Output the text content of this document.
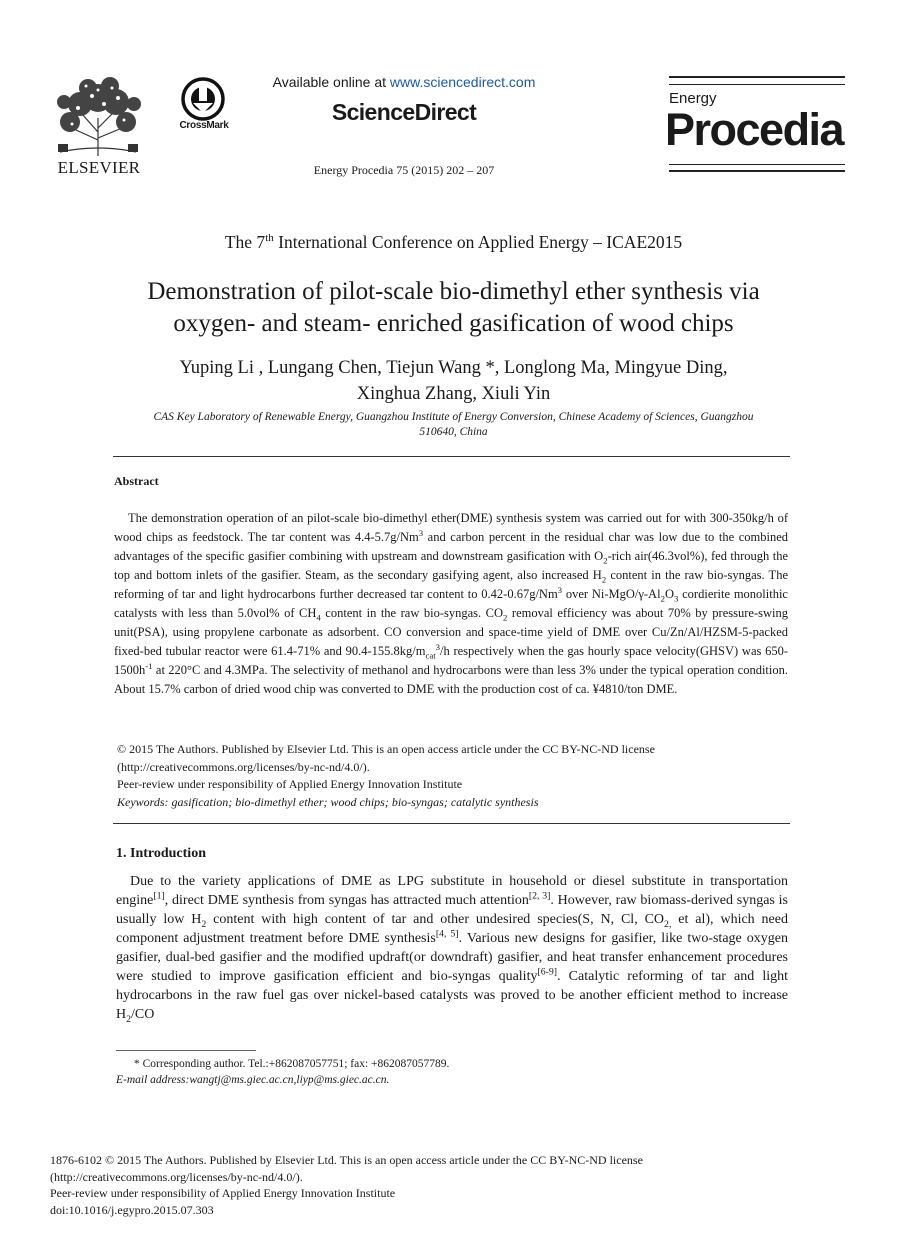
ELSEVIER
CrossMark
Available online at www.sciencedirect.com
ScienceDirect
Energy Procedia 75 (2015) 202 – 207
Energy
Procedia
The 7th International Conference on Applied Energy – ICAE2015
Demonstration of pilot-scale bio-dimethyl ether synthesis via
oxygen- and steam- enriched gasification of wood chips
Yuping Li , Lungang Chen, Tiejun Wang *, Longlong Ma, Mingyue Ding,
Xinghua Zhang, Xiuli Yin
CAS Key Laboratory of Renewable Energy, Guangzhou Institute of Energy Conversion, Chinese Academy of Sciences, Guangzhou
510640, China
Abstract
The demonstration operation of an pilot-scale bio-dimethyl ether(DME) synthesis system was carried out for with 300-350kg/h of wood chips as feedstock. The tar content was 4.4-5.7g/Nm$^3$ and carbon percent in the residual char was low due to the combined advantages of the specific gasifier combining with upstream and downstream gasification with $O_2$-rich air(46.3vol%), fed through the top and bottom inlets of the gasifier. Steam, as the secondary gasifying agent, also increased $H_2$ content in the raw bio-syngas. The reforming of tar and light hydrocarbons further decreased tar content to 0.42-0.67g/Nm$^3$ over $Ni-MgO/\gamma-Al_2O_3$ cordierite monolithic catalysts with less than 5.0vol% of $CH_4$ content in the raw bio-syngas. $CO_2$ removal efficiency was about 70% by pressure-swing unit(PSA), using propylene carbonate as adsorbent. CO conversion and space-time yield of DME over Cu/Zn/Al/HZSM-5-packed fixed-bed tubular reactor were 61.4-71% and $90.4-155.8kg/m_{cat}^3/h$ respectively when the gas hourly space velocity(GHSV) was $650-1500h^{-1}$ at 220°C and 4.3MPa. The selectivity of methanol and hydrocarbons were than less 3% under the typical operation condition. About 15.7% carbon of dried wood chip was converted to DME with the production cost of ca. ¥4810/ton DME.
© 2015 The Authors. Published by Elsevier Ltd. This is an open access article under the CC BY-NC-ND license
(http://creativecommons.org/licenses/by-nc-nd/4.0/).
Peer-review under responsibility of Applied Energy Innovation Institute
Keywords: gasification; bio-dimethyl ether; wood chips; bio-syngas; catalytic synthesis
1. Introduction
Due to the variety applications of DME as LPG substitute in household or diesel substitute in transportation engine[1], direct DME synthesis from syngas has attracted much attention[2, 3]. However, raw biomass-derived syngas is usually low $H_2$ content with high content of tar and other undesired species(S, N, Cl, $CO_{2,}$ et al), which need component adjustment treatment before DME synthesis[4, 5]. Various new designs for gasifier, like two-stage oxygen gasifier, dual-bed gasifier and the modified updraft(or downdraft) gasifier, and heat transfer enhancement procedures were studied to improve gasification efficient and bio-syngas quality[6-9]. Catalytic reforming of tar and light hydrocarbons in the raw fuel gas over nickel-based catalysts was proved to be another efficient method to increase $H_2/CO$
* Corresponding author. Tel.:+862087057751; fax: +862087057789.
E-mail address:wangtj@ms.giec.ac.cn,liyp@ms.giec.ac.cn.
1876-6102 © 2015 The Authors. Published by Elsevier Ltd. This is an open access article under the CC BY-NC-ND license
(http://creativecommons.org/licenses/by-nc-nd/4.0/).
Peer-review under responsibility of Applied Energy Innovation Institute
doi:10.1016/j.egypro.2015.07.303
